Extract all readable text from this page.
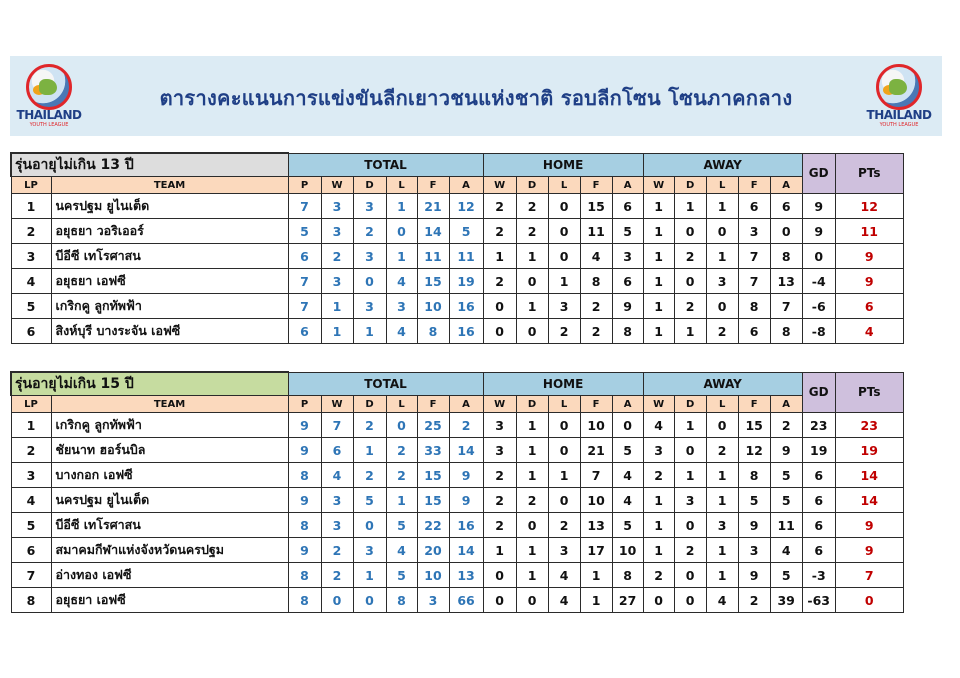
THAILAND
YOUTH LEAGUE
ตารางคะแนนการแข่งขันลีกเยาวชนแห่งชาติ รอบลีกโซน โซนภาคกลาง
THAILAND
YOUTH LEAGUE
รุ่นอายุไม่เกิน 13 ปี		TOTAL						HOME					AWAY					GD	PTs
LP	TEAM	P	W	D	L	F	A	W	D	L	F	A	W	D	L	F	A		
1	นครปฐม ยูไนเต็ด	7	3	3	1	21	12	2	2	0	15	6	1	1	1	6	6	9	12
2	อยุธยา วอริเออร์	5	3	2	0	14	5	2	2	0	11	5	1	0	0	3	0	9	11
3	บีอีซี เทโรศาสน	6	2	3	1	11	11	1	1	0	4	3	1	2	1	7	8	0	9
4	อยุธยา เอฟซี	7	3	0	4	15	19	2	0	1	8	6	1	0	3	7	13	-4	9
5	เกริกคู ลูกทัพฟ้า	7	1	3	3	10	16	0	1	3	2	9	1	2	0	8	7	-6	6
6	สิงห์บุรี บางระจัน เอฟซี	6	1	1	4	8	16	0	0	2	2	8	1	1	2	6	8	-8	4
รุ่นอายุไม่เกิน 15 ปี		TOTAL						HOME					AWAY					GD	PTs
LP	TEAM	P	W	D	L	F	A	W	D	L	F	A	W	D	L	F	A		
1	เกริกคู ลูกทัพฟ้า	9	7	2	0	25	2	3	1	0	10	0	4	1	0	15	2	23	23
2	ชัยนาท ฮอร์นบิล	9	6	1	2	33	14	3	1	0	21	5	3	0	2	12	9	19	19
3	บางกอก เอฟซี	8	4	2	2	15	9	2	1	1	7	4	2	1	1	8	5	6	14
4	นครปฐม ยูไนเต็ด	9	3	5	1	15	9	2	2	0	10	4	1	3	1	5	5	6	14
5	บีอีซี เทโรศาสน	8	3	0	5	22	16	2	0	2	13	5	1	0	3	9	11	6	9
6	สมาคมกีฬาแห่งจังหวัดนครปฐม	9	2	3	4	20	14	1	1	3	17	10	1	2	1	3	4	6	9
7	อ่างทอง เอฟซี	8	2	1	5	10	13	0	1	4	1	8	2	0	1	9	5	-3	7
8	อยุธยา เอฟซี	8	0	0	8	3	66	0	0	4	1	27	0	0	4	2	39	-63	0
